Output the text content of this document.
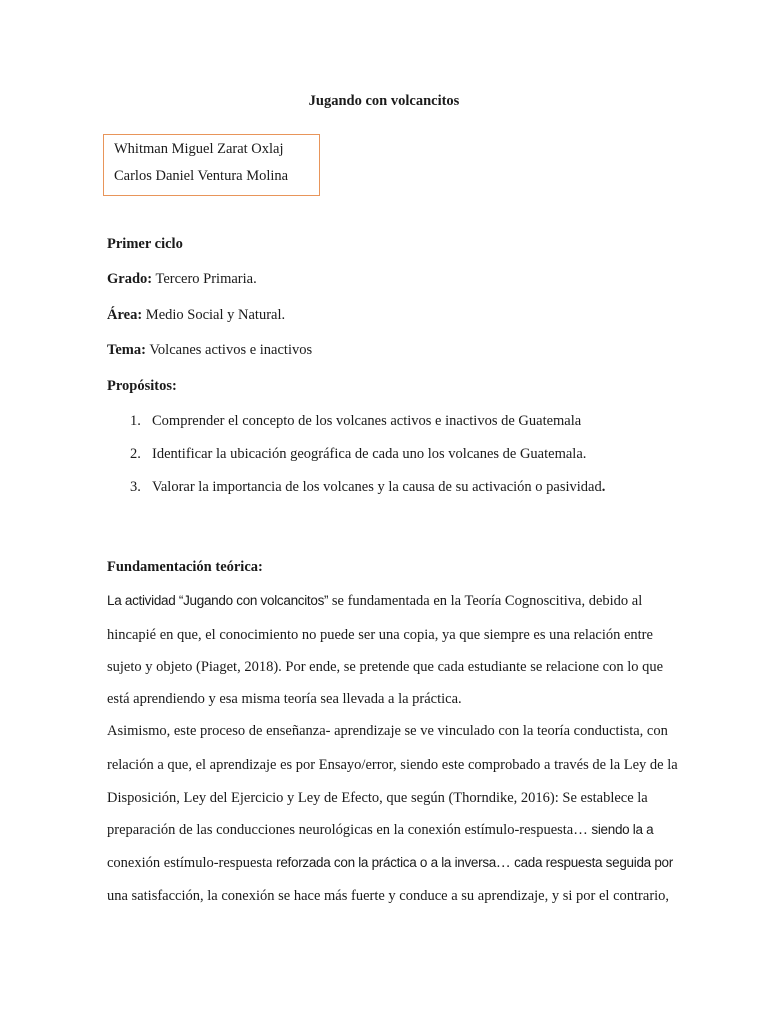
Jugando con volcancitos
Whitman Miguel Zarat Oxlaj
Carlos Daniel Ventura Molina
Primer ciclo
Grado: Tercero Primaria.
Área: Medio Social y Natural.
Tema: Volcanes activos e inactivos
Propósitos:
1. Comprender el concepto de los volcanes activos e inactivos de Guatemala
2. Identificar la ubicación geográfica de cada uno los volcanes de Guatemala.
3. Valorar la importancia de los volcanes y la causa de su activación o pasividad.
Fundamentación teórica:
La actividad “Jugando con volcancitos” se fundamentada en la Teoría Cognoscitiva, debido al
hincapié en que, el conocimiento no puede ser una copia, ya que siempre es una relación entre
sujeto y objeto (Piaget, 2018). Por ende, se pretende que cada estudiante se relacione con lo que
está aprendiendo y esa misma teoría sea llevada a la práctica.
Asimismo, este proceso de enseñanza- aprendizaje se ve vinculado con la teoría conductista, con
relación a que, el aprendizaje es por Ensayo/error, siendo este comprobado a través de la Ley de la
Disposición, Ley del Ejercicio y Ley de Efecto, que según (Thorndike, 2016): Se establece la
preparación de las conducciones neurológicas en la conexión estímulo-respuesta… siendo la a
conexión estímulo-respuesta reforzada con la práctica o a la inversa… cada respuesta seguida por
una satisfacción, la conexión se hace más fuerte y conduce a su aprendizaje, y si por el contrario,
